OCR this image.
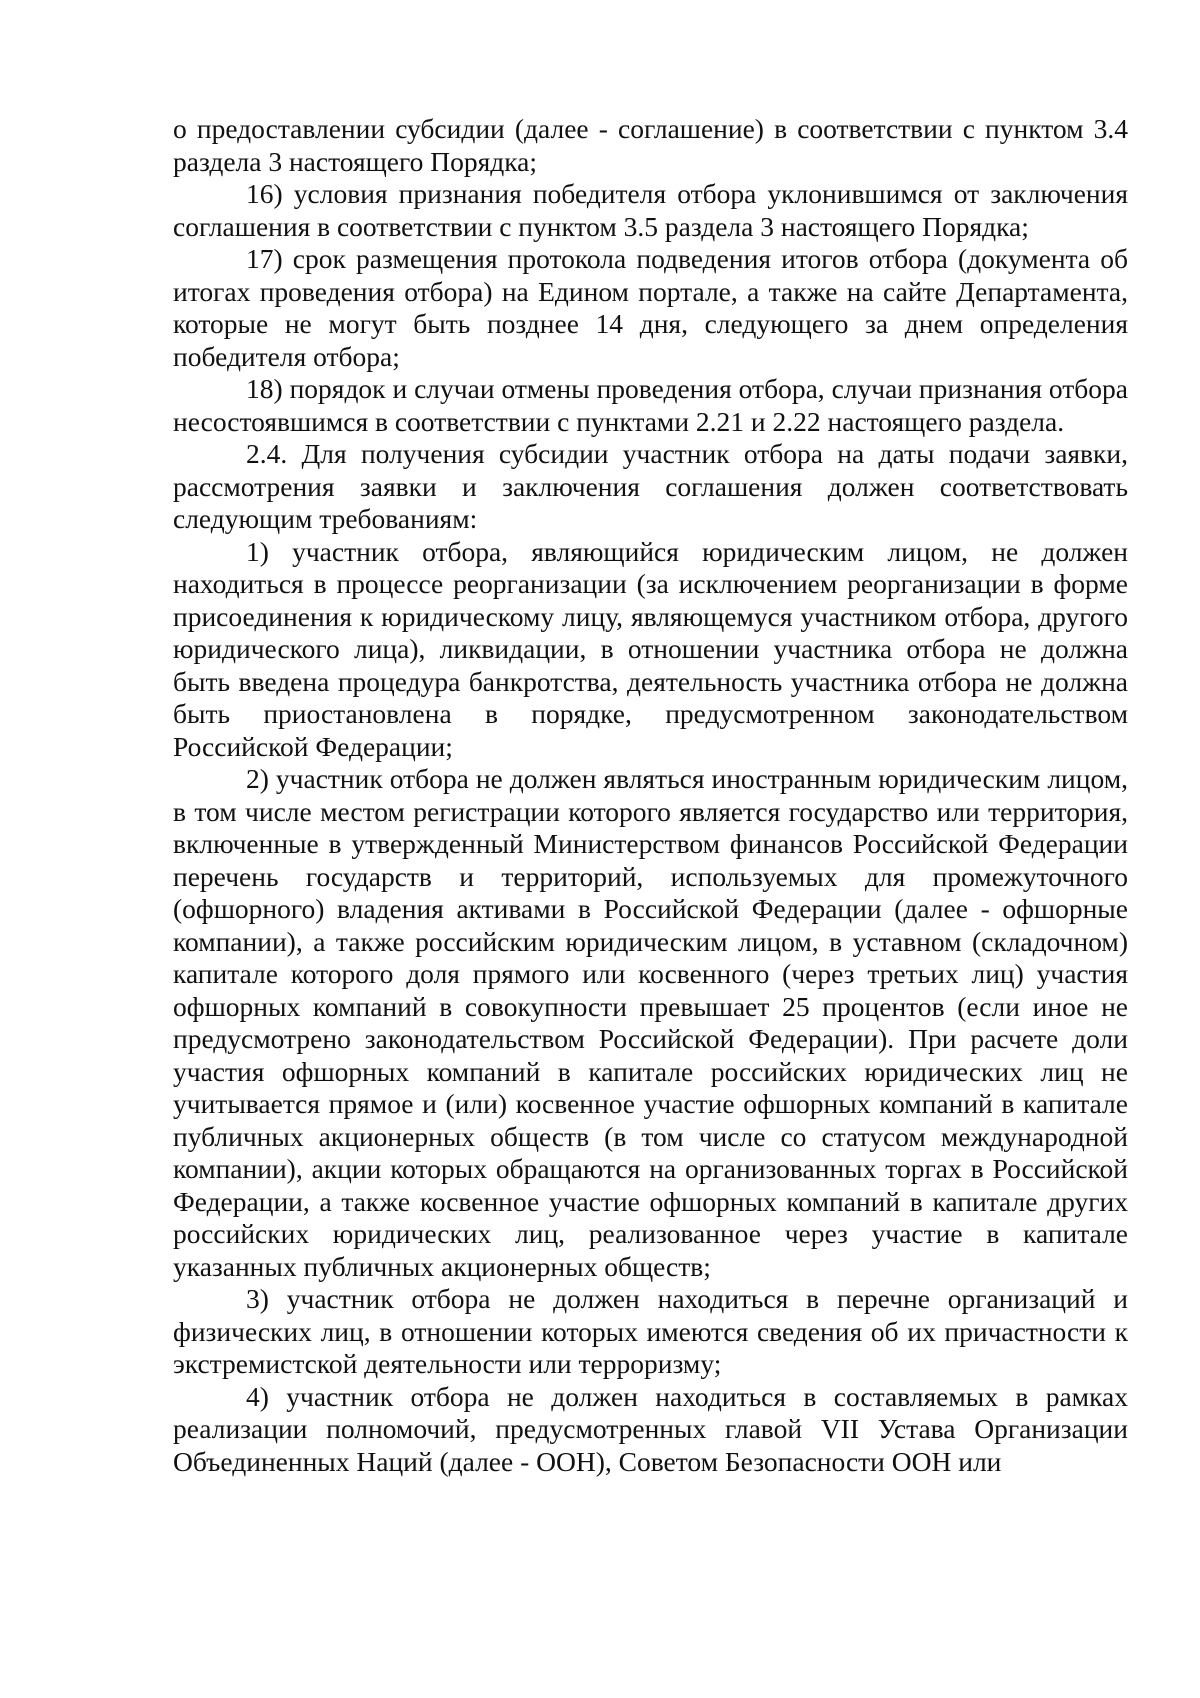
о предоставлении субсидии (далее - соглашение) в соответствии с пунктом 3.4 раздела 3 настоящего Порядка;

16) условия признания победителя отбора уклонившимся от заключения соглашения в соответствии с пунктом 3.5 раздела 3 настоящего Порядка;

17) срок размещения протокола подведения итогов отбора (документа об итогах проведения отбора) на Едином портале, а также на сайте Департамента, которые не могут быть позднее 14 дня, следующего за днем определения победителя отбора;

18) порядок и случаи отмены проведения отбора, случаи признания отбора несостоявшимся в соответствии с пунктами 2.21 и 2.22 настоящего раздела.

2.4. Для получения субсидии участник отбора на даты подачи заявки, рассмотрения заявки и заключения соглашения должен соответствовать следующим требованиям:

1) участник отбора, являющийся юридическим лицом, не должен находиться в процессе реорганизации (за исключением реорганизации в форме присоединения к юридическому лицу, являющемуся участником отбора, другого юридического лица), ликвидации, в отношении участника отбора не должна быть введена процедура банкротства, деятельность участника отбора не должна быть приостановлена в порядке, предусмотренном законодательством Российской Федерации;

2) участник отбора не должен являться иностранным юридическим лицом, в том числе местом регистрации которого является государство или территория, включенные в утвержденный Министерством финансов Российской Федерации перечень государств и территорий, используемых для промежуточного (офшорного) владения активами в Российской Федерации (далее - офшорные компании), а также российским юридическим лицом, в уставном (складочном) капитале которого доля прямого или косвенного (через третьих лиц) участия офшорных компаний в совокупности превышает 25 процентов (если иное не предусмотрено законодательством Российской Федерации). При расчете доли участия офшорных компаний в капитале российских юридических лиц не учитывается прямое и (или) косвенное участие офшорных компаний в капитале публичных акционерных обществ (в том числе со статусом международной компании), акции которых обращаются на организованных торгах в Российской Федерации, а также косвенное участие офшорных компаний в капитале других российских юридических лиц, реализованное через участие в капитале указанных публичных акционерных обществ;

3) участник отбора не должен находиться в перечне организаций и физических лиц, в отношении которых имеются сведения об их причастности к экстремистской деятельности или терроризму;

4) участник отбора не должен находиться в составляемых в рамках реализации полномочий, предусмотренных главой VII Устава Организации Объединенных Наций (далее - ООН), Советом Безопасности ООН или
